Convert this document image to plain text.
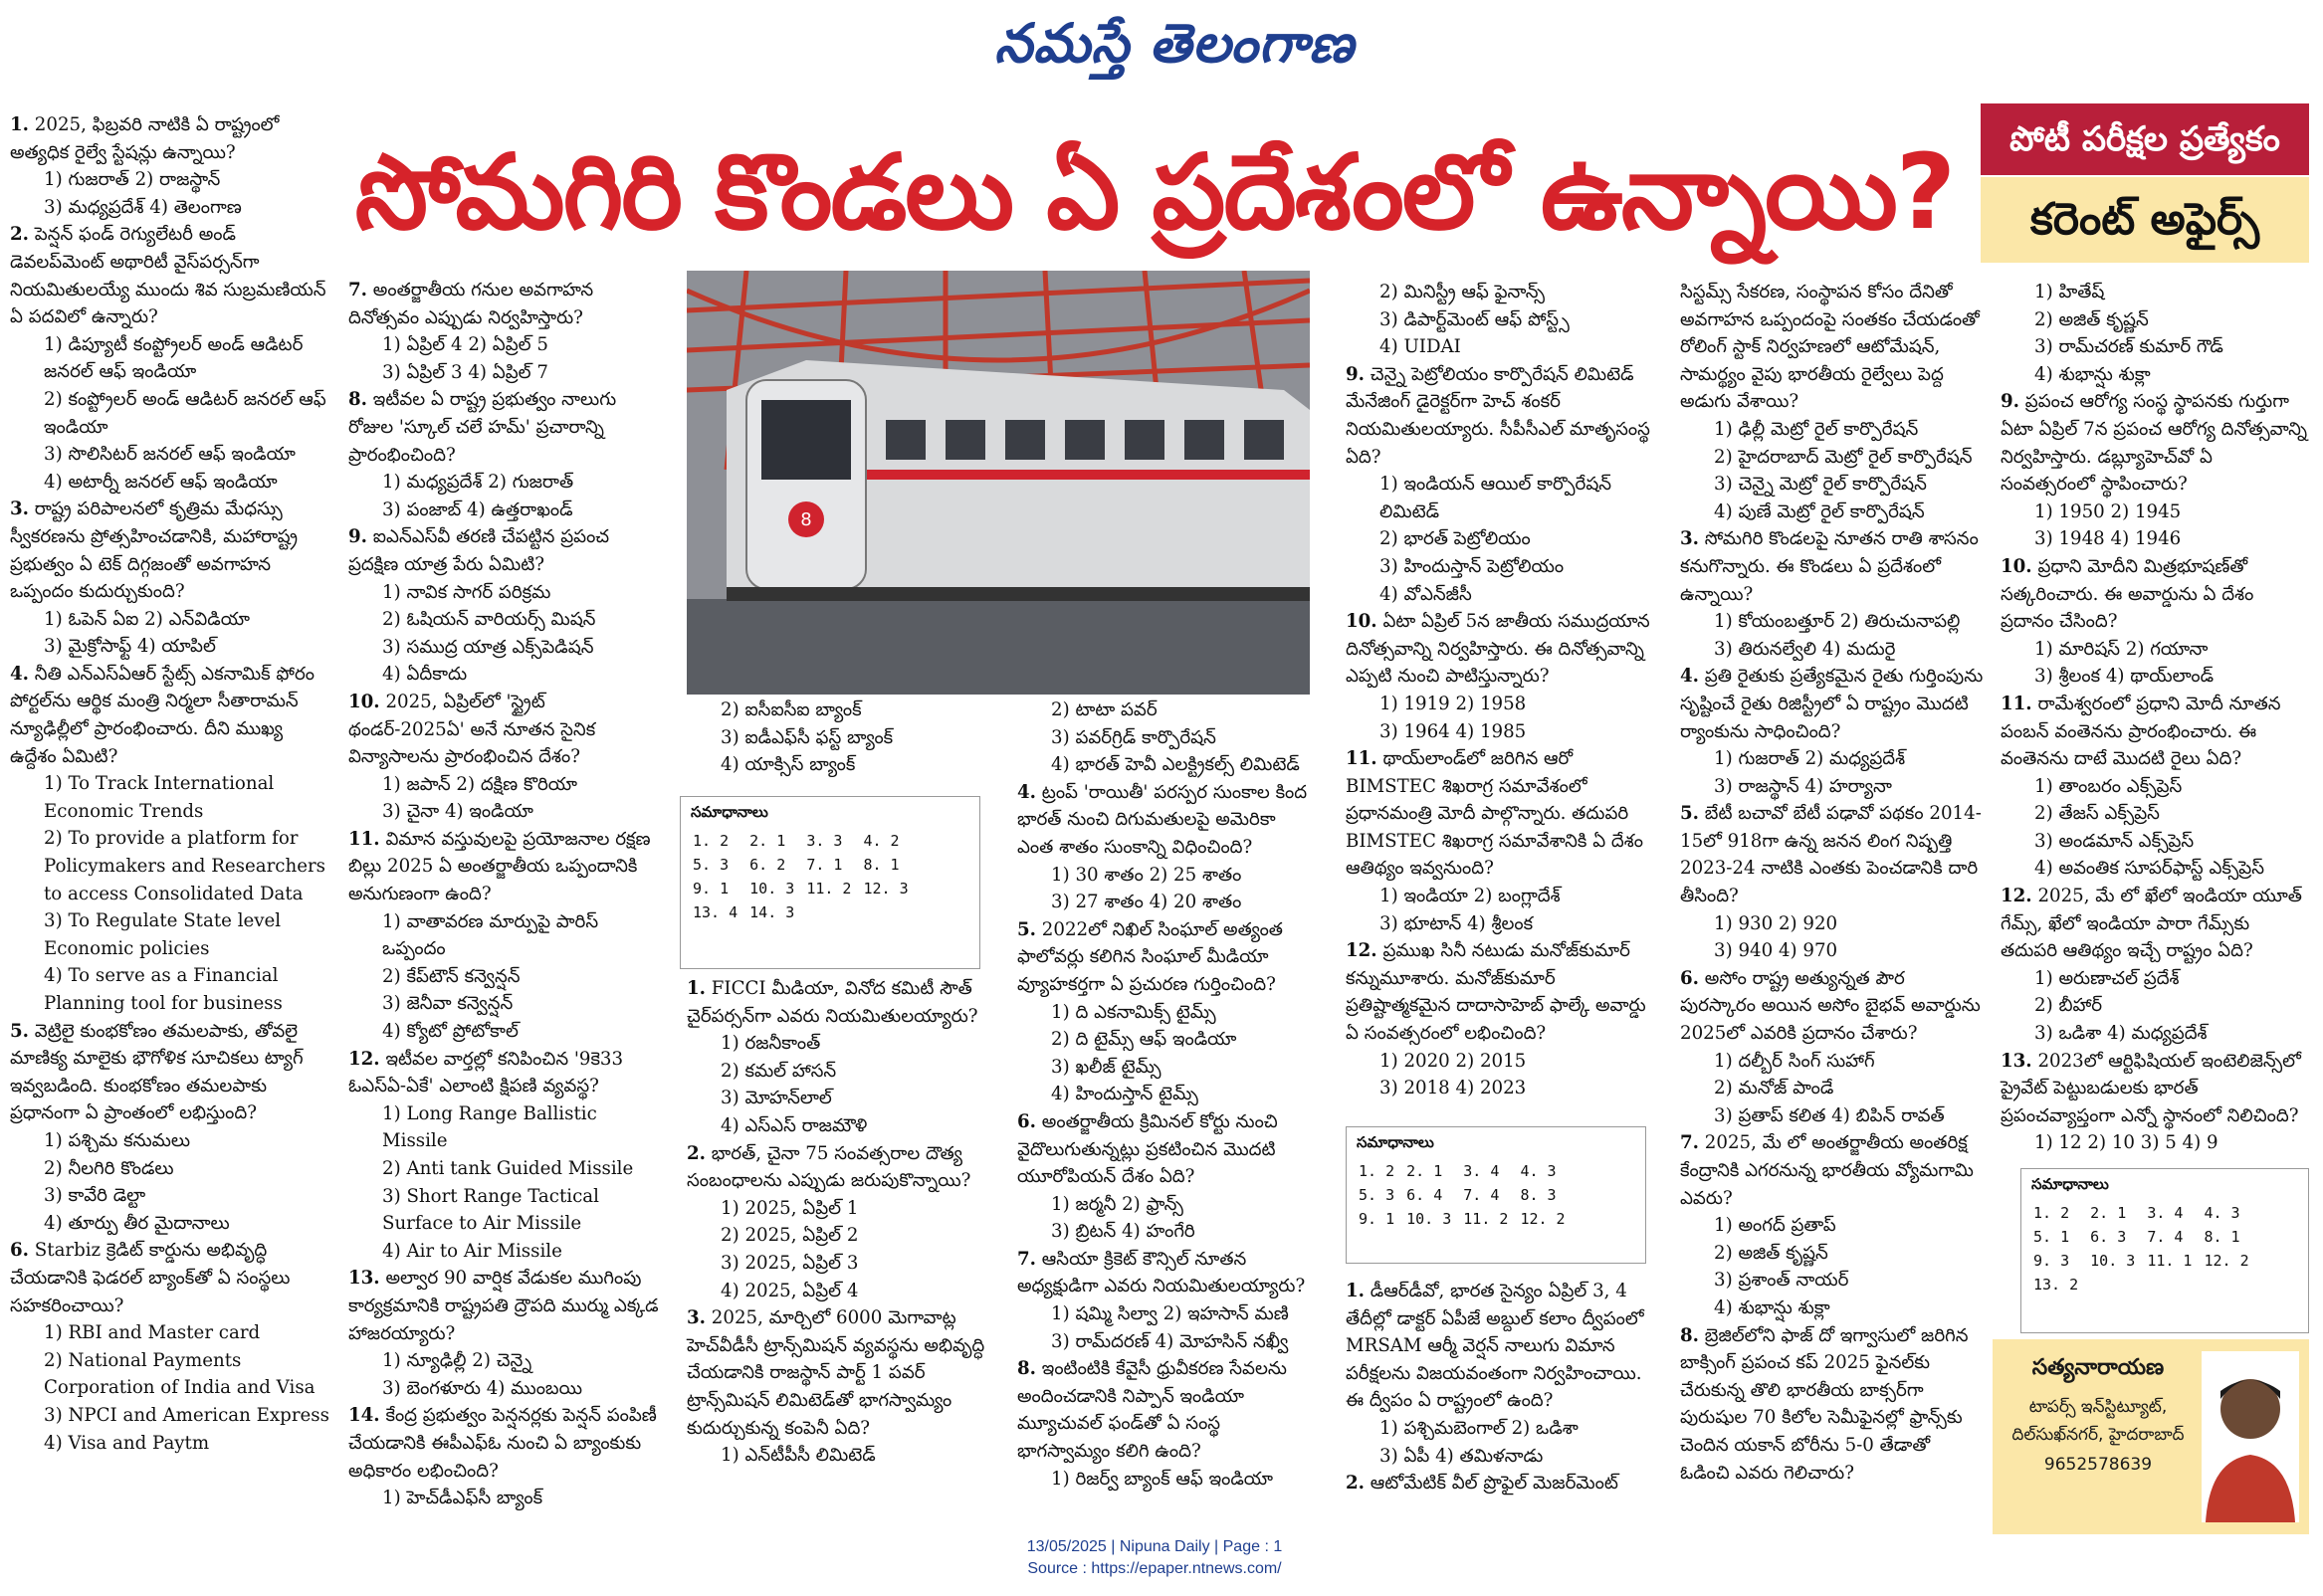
నమస్తే తెలంగాణ
సోమగిరి కొండలు ఏ ప్రదేశంలో ఉన్నాయి?	పోటీ పరీక్షల ప్రత్యేకం
కరెంట్ అఫైర్స్
1. 2025, ఫిబ్రవరి నాటికి ఏ రాష్ట్రంలో అత్యధిక రైల్వే స్టేషన్లు ఉన్నాయి?
1) గుజరాత్ 2) రాజస్థాన్
3) మధ్యప్రదేశ్ 4) తెలంగాణ
2. పెన్షన్ ఫండ్ రెగ్యులేటరీ అండ్ డెవలప్‌మెంట్ అథారిటీ వైస్‌పర్సన్‌గా నియమితులయ్యే ముందు శివ సుబ్రమణియన్ ఏ పదవిలో ఉన్నారు?
1) డిప్యూటీ కంప్ట్రోలర్ అండ్ ఆడిటర్ జనరల్ ఆఫ్ ఇండియా
2) కంప్ట్రోలర్ అండ్ ఆడిటర్ జనరల్ ఆఫ్ ఇండియా
3) సొలిసిటర్ జనరల్ ఆఫ్ ఇండియా
4) అటార్నీ జనరల్ ఆఫ్ ఇండియా
3. రాష్ట్ర పరిపాలనలో కృత్రిమ మేధస్సు స్వీకరణను ప్రోత్సహించడానికి, మహారాష్ట్ర ప్రభుత్వం ఏ టెక్ దిగ్గజంతో అవగాహన ఒప్పందం కుదుర్చుకుంది?
1) ఓపెన్ ఏఐ 2) ఎన్‌విడియా
3) మైక్రోసాఫ్ట్ 4) యాపిల్
4. నీతి ఎన్ఎస్‌ఏఆర్ స్టేట్స్ ఎకనామిక్ ఫోరం పోర్టల్‌ను ఆర్థిక మంత్రి నిర్మలా సీతారామన్ న్యూఢిల్లీలో ప్రారంభించారు. దీని ముఖ్య ఉద్దేశం ఏమిటి?
1) To Track International Economic Trends
2) To provide a platform for Policymakers and Researchers to access Consolidated Data
3) To Regulate State level Economic policies
4) To serve as a Financial Planning tool for business
5. వెట్రిలై కుంభకోణం తమలపాకు, తోవలై మాణిక్య మాలైకు భౌగోళిక సూచికలు ట్యాగ్ ఇవ్వబడింది. కుంభకోణం తమలపాకు ప్రధానంగా ఏ ప్రాంతంలో లభిస్తుంది?
1) పశ్చిమ కనుమలు
2) నీలగిరి కొండలు
3) కావేరి డెల్టా
4) తూర్పు తీర మైదానాలు
6. Starbiz క్రెడిట్ కార్డును అభివృద్ధి చేయడానికి ఫెడరల్ బ్యాంక్‌తో ఏ సంస్థలు సహకరించాయి?
1) RBI and Master card
2) National Payments Corporation of India and Visa
3) NPCI and American Express
4) Visa and Paytm
7. అంతర్జాతీయ గనుల అవగాహన దినోత్సవం ఎప్పుడు నిర్వహిస్తారు?
1) ఏప్రిల్ 4 2) ఏప్రిల్ 5
3) ఏప్రిల్ 3 4) ఏప్రిల్ 7
8. ఇటీవల ఏ రాష్ట్ర ప్రభుత్వం నాలుగు రోజుల 'స్కూల్ చలే హమ్' ప్రచారాన్ని ప్రారంభించింది?
1) మధ్యప్రదేశ్ 2) గుజరాత్
3) పంజాబ్ 4) ఉత్తరాఖండ్
9. ఐఎన్ఎస్‌వీ తరణి చేపట్టిన ప్రపంచ ప్రదక్షిణ యాత్ర పేరు ఏమిటి?
1) నావిక సాగర్ పరిక్రమ
2) ఓషియన్ వారియర్స్ మిషన్
3) సముద్ర యాత్ర ఎక్స్‌పెడిషన్
4) ఏదీకాదు
10. 2025, ఏప్రిల్‌లో 'స్ట్రైట్ థండర్-2025ఏ' అనే నూతన సైనిక విన్యాసాలను ప్రారంభించిన దేశం?
1) జపాన్ 2) దక్షిణ కొరియా
3) చైనా 4) ఇండియా
11. విమాన వస్తువులపై ప్రయోజనాల రక్షణ బిల్లు 2025 ఏ అంతర్జాతీయ ఒప్పందానికి అనుగుణంగా ఉంది?
1) వాతావరణ మార్పుపై పారిస్ ఒప్పందం
2) కేప్‌టౌన్ కన్వెన్షన్
3) జెనీవా కన్వెన్షన్
4) క్యోటో ప్రోటోకాల్
12. ఇటీవల వార్తల్లో కనిపించిన '9కె33 ఓఎస్ఏ-ఏకే' ఎలాంటి క్షిపణి వ్యవస్థ?
1) Long Range Ballistic Missile
2) Anti tank Guided Missile
3) Short Range Tactical Surface to Air Missile
4) Air to Air Missile
13. అల్వార 90 వార్షిక వేడుకల ముగింపు కార్యక్రమానికి రాష్ట్రపతి ద్రౌపది ముర్ము ఎక్కడ హాజరయ్యారు?
1) న్యూఢిల్లీ 2) చెన్నై
3) బెంగళూరు 4) ముంబయి
14. కేంద్ర ప్రభుత్వం పెన్షనర్లకు పెన్షన్ పంపిణీ చేయడానికి ఈపీఎఫ్ఓ నుంచి ఏ బ్యాంకుకు అధికారం లభించింది?
1) హెచ్‌డీఎఫ్‌సీ బ్యాంక్
8
2) ఐసీఐసీఐ బ్యాంక్
3) ఐడీఎఫ్‌సీ ఫస్ట్ బ్యాంక్
4) యాక్సిస్ బ్యాంక్
సమాధానాలు
1. 2	2. 1	3. 3	4. 2
5. 3	6. 2	7. 1	8. 1
9. 1	10. 3	11. 2	12. 3
13. 4	14. 3		
1. FICCI మీడియా, వినోద కమిటీ సౌత్ చైర్‌పర్సన్‌గా ఎవరు నియమితులయ్యారు?
1) రజనీకాంత్
2) కమల్ హాసన్
3) మోహన్‌లాల్
4) ఎస్ఎస్ రాజమౌళి
2. భారత్, చైనా 75 సంవత్సరాల దౌత్య సంబంధాలను ఎప్పుడు జరుపుకొన్నాయి?
1) 2025, ఏప్రిల్ 1
2) 2025, ఏప్రిల్ 2
3) 2025, ఏప్రిల్ 3
4) 2025, ఏప్రిల్ 4
3. 2025, మార్చిలో 6000 మెగావాట్ల హెచ్‌వీడీసీ ట్రాన్స్‌మిషన్ వ్యవస్థను అభివృద్ధి చేయడానికి రాజస్థాన్ పార్ట్ 1 పవర్ ట్రాన్స్‌మిషన్ లిమిటెడ్‌తో భాగస్వామ్యం కుదుర్చుకున్న కంపెనీ ఏది?
1) ఎన్‌టీపీసీ లిమిటెడ్
2) టాటా పవర్
3) పవర్‌గ్రిడ్ కార్పొరేషన్
4) భారత్ హెవీ ఎలక్ట్రికల్స్ లిమిటెడ్
4. ట్రంప్ 'రాయితీ' పరస్పర సుంకాల కింద భారత్ నుంచి దిగుమతులపై అమెరికా ఎంత శాతం సుంకాన్ని విధించింది?
1) 30 శాతం 2) 25 శాతం
3) 27 శాతం 4) 20 శాతం
5. 2022లో నిఖిల్ సింఘాల్ అత్యంత ఫాలోవర్లు కలిగిన సింఘాల్ మీడియా వ్యూహకర్తగా ఏ ప్రచురణ గుర్తించింది?
1) ది ఎకనామిక్స్ టైమ్స్
2) ది టైమ్స్ ఆఫ్ ఇండియా
3) ఖలీజ్ టైమ్స్
4) హిందుస్తాన్ టైమ్స్
6. అంతర్జాతీయ క్రిమినల్ కోర్టు నుంచి వైదొలుగుతున్నట్లు ప్రకటించిన మొదటి యూరోపియన్ దేశం ఏది?
1) జర్మనీ 2) ఫ్రాన్స్
3) బ్రిటన్ 4) హంగేరి
7. ఆసియా క్రికెట్ కౌన్సిల్ నూతన అధ్యక్షుడిగా ఎవరు నియమితులయ్యారు?
1) షమ్మి సిల్వా 2) ఇహసాన్ మణి
3) రామ్‌దరణ్ 4) మోహసిన్ నఖ్వీ
8. ఇంటింటికి కేవైసీ ధ్రువీకరణ సేవలను అందించడానికి నిప్పాన్ ఇండియా మ్యూచువల్ ఫండ్‌తో ఏ సంస్థ భాగస్వామ్యం కలిగి ఉంది?
1) రిజర్వ్ బ్యాంక్ ఆఫ్ ఇండియా
2) మినిస్ట్రీ ఆఫ్ ఫైనాన్స్
3) డిపార్ట్‌మెంట్ ఆఫ్ పోస్ట్స్
4) UIDAI
9. చెన్నై పెట్రోలియం కార్పొరేషన్ లిమిటెడ్ మేనేజింగ్ డైరెక్టర్‌గా హెచ్ శంకర్ నియమితులయ్యారు. సీపీసీఎల్ మాతృసంస్థ ఏది?
1) ఇండియన్ ఆయిల్ కార్పొరేషన్ లిమిటెడ్
2) భారత్ పెట్రోలియం
3) హిందుస్తాన్ పెట్రోలియం
4) వోఎన్‌జీసీ
10. ఏటా ఏప్రిల్ 5న జాతీయ సముద్రయాన దినోత్సవాన్ని నిర్వహిస్తారు. ఈ దినోత్సవాన్ని ఎప్పటి నుంచి పాటిస్తున్నారు?
1) 1919 2) 1958
3) 1964 4) 1985
11. థాయ్‌లాండ్‌లో జరిగిన ఆరో BIMSTEC శిఖరాగ్ర సమావేశంలో ప్రధానమంత్రి మోదీ పాల్గొన్నారు. తదుపరి BIMSTEC శిఖరాగ్ర సమావేశానికి ఏ దేశం ఆతిథ్యం ఇవ్వనుంది?
1) ఇండియా 2) బంగ్లాదేశ్
3) భూటాన్ 4) శ్రీలంక
12. ప్రముఖ సినీ నటుడు మనోజ్‌కుమార్ కన్నుమూశారు. మనోజ్‌కుమార్ ప్రతిష్టాత్మకమైన దాదాసాహెబ్ ఫాల్కే అవార్డు ఏ సంవత్సరంలో లభించింది?
1) 2020 2) 2015
3) 2018 4) 2023
సమాధానాలు
1. 2	2. 1	3. 4	4. 3
5. 3	6. 4	7. 4	8. 3
9. 1	10. 3	11. 2	12. 2
1. డీఆర్‌డీవో, భారత సైన్యం ఏప్రిల్ 3, 4 తేదీల్లో డాక్టర్ ఏపీజే అబ్దుల్ కలాం ద్వీపంలో MRSAM ఆర్మీ వెర్షన్ నాలుగు విమాన పరీక్షలను విజయవంతంగా నిర్వహించాయి. ఈ ద్వీపం ఏ రాష్ట్రంలో ఉంది?
1) పశ్చిమబెంగాల్ 2) ఒడిశా
3) ఏపీ 4) తమిళనాడు
2. ఆటోమేటిక్ వీల్ ప్రొఫైల్ మెజర్‌మెంట్
సిస్టమ్స్ సేకరణ, సంస్థాపన కోసం దేనితో అవగాహన ఒప్పందంపై సంతకం చేయడంతో రోలింగ్ స్టాక్ నిర్వహణలో ఆటోమేషన్, సామర్థ్యం వైపు భారతీయ రైల్వేలు పెద్ద అడుగు వేశాయి?
1) ఢిల్లీ మెట్రో రైల్ కార్పొరేషన్
2) హైదరాబాద్ మెట్రో రైల్ కార్పొరేషన్
3) చెన్నై మెట్రో రైల్ కార్పొరేషన్
4) పుణే మెట్రో రైల్ కార్పొరేషన్
3. సోమగిరి కొండలపై నూతన రాతి శాసనం కనుగొన్నారు. ఈ కొండలు ఏ ప్రదేశంలో ఉన్నాయి?
1) కోయంబత్తూర్ 2) తిరుచునాపల్లి
3) తిరునల్వేలి 4) మదురై
4. ప్రతి రైతుకు ప్రత్యేకమైన రైతు గుర్తింపును సృష్టించే రైతు రిజిస్ట్రీలో ఏ రాష్ట్రం మొదటి ర్యాంకును సాధించింది?
1) గుజరాత్ 2) మధ్యప్రదేశ్
3) రాజస్థాన్ 4) హర్యానా
5. బేటీ బచావో బేటీ పఢావో పథకం 2014-15లో 918గా ఉన్న జనన లింగ నిష్పత్తి 2023-24 నాటికి ఎంతకు పెంచడానికి దారి తీసింది?
1) 930 2) 920
3) 940 4) 970
6. అసోం రాష్ట్ర అత్యున్నత పౌర పురస్కారం అయిన అసోం బైభవ్ అవార్డును 2025లో ఎవరికి ప్రదానం చేశారు?
1) దల్బీర్ సింగ్ సుహాగ్
2) మనోజ్ పాండే
3) ప్రతాప్ కలిత 4) బిపిన్ రావత్
7. 2025, మే లో అంతర్జాతీయ అంతరిక్ష కేంద్రానికి ఎగరనున్న భారతీయ వ్యోమగామి ఎవరు?
1) అంగద్ ప్రతాప్
2) అజిత్ కృష్ణన్
3) ప్రశాంత్ నాయర్
4) శుభాన్షు శుక్లా
8. బ్రెజిల్‌లోని ఫాజ్ దో ఇగ్వాసులో జరిగిన బాక్సింగ్ ప్రపంచ కప్ 2025 ఫైనల్‌కు చేరుకున్న తొలి భారతీయ బాక్సర్‌గా పురుషుల 70 కిలోల సెమీఫైనల్లో ఫ్రాన్స్‌కు చెందిన యకాన్ బోరీను 5-0 తేడాతో ఓడించి ఎవరు గెలిచారు?
1) హితేష్
2) అజిత్ కృష్ణన్
3) రామ్‌చరణ్ కుమార్ గౌడ్
4) శుభాన్షు శుక్లా
9. ప్రపంచ ఆరోగ్య సంస్థ స్థాపనకు గుర్తుగా ఏటా ఏప్రిల్ 7న ప్రపంచ ఆరోగ్య దినోత్సవాన్ని నిర్వహిస్తారు. డబ్ల్యూహెచ్‌వో ఏ సంవత్సరంలో స్థాపించారు?
1) 1950 2) 1945
3) 1948 4) 1946
10. ప్రధాని మోదీని మిత్రభూషణ్‌తో సత్కరించారు. ఈ అవార్డును ఏ దేశం ప్రదానం చేసింది?
1) మారిషస్ 2) గయానా
3) శ్రీలంక 4) థాయ్‌లాండ్
11. రామేశ్వరంలో ప్రధాని మోదీ నూతన పంబన్ వంతెనను ప్రారంభించారు. ఈ వంతెనను దాటే మొదటి రైలు ఏది?
1) తాంబరం ఎక్స్‌ప్రెస్
2) తేజస్ ఎక్స్‌ప్రెస్
3) అండమాన్ ఎక్స్‌ప్రెస్
4) అవంతిక సూపర్‌ఫాస్ట్ ఎక్స్‌ప్రెస్
12. 2025, మే లో ఖేలో ఇండియా యూత్ గేమ్స్, ఖేలో ఇండియా పారా గేమ్స్‌కు తదుపరి ఆతిథ్యం ఇచ్చే రాష్ట్రం ఏది?
1) అరుణాచల్ ప్రదేశ్
2) బీహార్
3) ఒడిశా 4) మధ్యప్రదేశ్
13. 2023లో ఆర్టిఫిషియల్ ఇంటెలిజెన్స్‌లో ప్రైవేట్ పెట్టుబడులకు భారత్ ప్రపంచవ్యాప్తంగా ఎన్నో స్థానంలో నిలిచింది?
1) 12 2) 10 3) 5 4) 9
సమాధానాలు
1. 2	2. 1	3. 4	4. 3
5. 1	6. 3	7. 4	8. 1
9. 3	10. 3	11. 1	12. 2
13. 2			
సత్యనారాయణ
టాపర్స్ ఇన్‌స్టిట్యూట్,
దిల్‌సుఖ్‌నగర్, హైదరాబాద్
9652578639
13/05/2025 | Nipuna Daily | Page : 1
Source : https://epaper.ntnews.com/
